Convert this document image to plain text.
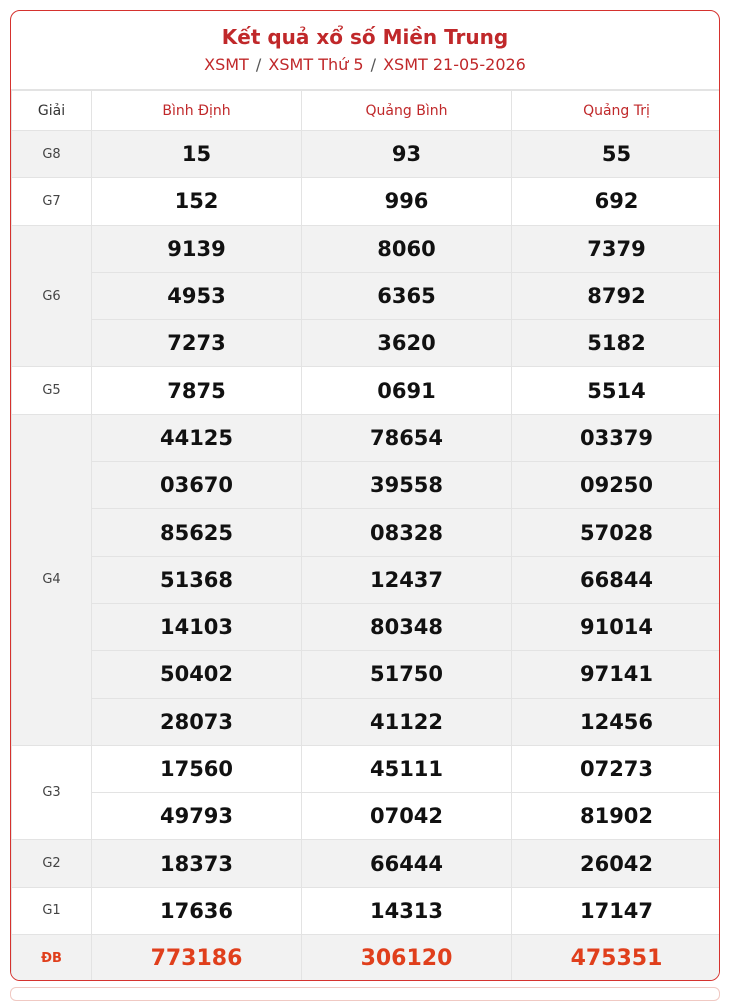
Kết quả xổ số Miền Trung
XSMT / XSMT Thứ 5 / XSMT 21-05-2026
Giải	Bình Định	Quảng Bình	Quảng Trị
G8	15	93	55
G7	152	996	692
G6	9139	8060	7379
	4953	6365	8792
	7273	3620	5182
G5	7875	0691	5514
G4	44125	78654	03379
	03670	39558	09250
	85625	08328	57028
	51368	12437	66844
	14103	80348	91014
	50402	51750	97141
	28073	41122	12456
G3	17560	45111	07273
	49793	07042	81902
G2	18373	66444	26042
G1	17636	14313	17147
ĐB	773186	306120	475351
